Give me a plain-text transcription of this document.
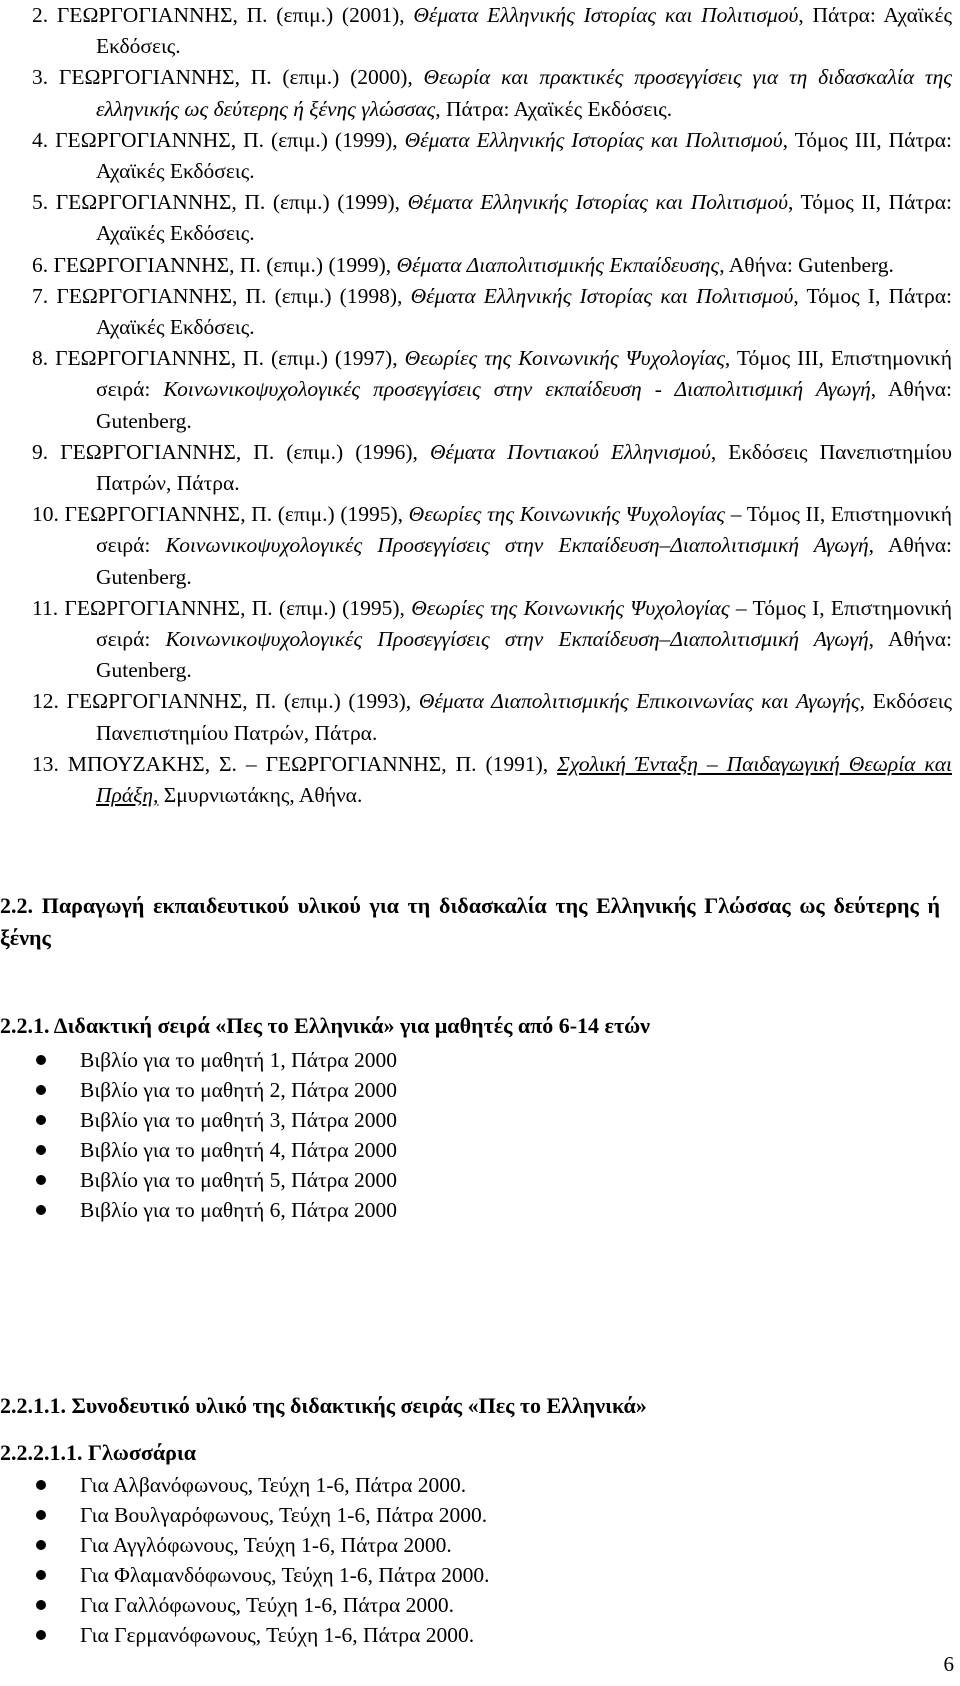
2. ΓΕΩΡΓΟΓΙΑΝΝΗΣ, Π. (επιμ.) (2001), Θέματα Ελληνικής Ιστορίας και Πολιτισμού, Πάτρα: Αχαϊκές Εκδόσεις.
3. ΓΕΩΡΓΟΓΙΑΝΝΗΣ, Π. (επιμ.) (2000), Θεωρία και πρακτικές προσεγγίσεις για τη διδασκαλία της ελληνικής ως δεύτερης ή ξένης γλώσσας, Πάτρα: Αχαϊκές Εκδόσεις.
4. ΓΕΩΡΓΟΓΙΑΝΝΗΣ, Π. (επιμ.) (1999), Θέματα Ελληνικής Ιστορίας και Πολιτισμού, Τόμος ΙΙΙ, Πάτρα: Αχαϊκές Εκδόσεις.
5. ΓΕΩΡΓΟΓΙΑΝΝΗΣ, Π. (επιμ.) (1999), Θέματα Ελληνικής Ιστορίας και Πολιτισμού, Τόμος ΙΙ, Πάτρα: Αχαϊκές Εκδόσεις.
6. ΓΕΩΡΓΟΓΙΑΝΝΗΣ, Π. (επιμ.) (1999), Θέματα Διαπολιτισμικής Εκπαίδευσης, Αθήνα: Gutenberg.
7. ΓΕΩΡΓΟΓΙΑΝΝΗΣ, Π. (επιμ.) (1998), Θέματα Ελληνικής Ιστορίας και Πολιτισμού, Τόμος Ι, Πάτρα: Αχαϊκές Εκδόσεις.
8. ΓΕΩΡΓΟΓΙΑΝΝΗΣ, Π. (επιμ.) (1997), Θεωρίες της Κοινωνικής Ψυχολογίας, Τόμος ΙΙΙ, Επιστημονική σειρά: Κοινωνικοψυχολογικές προσεγγίσεις στην εκπαίδευση - Διαπολιτισμική Αγωγή, Αθήνα: Gutenberg.
9. ΓΕΩΡΓΟΓΙΑΝΝΗΣ, Π. (επιμ.) (1996), Θέματα Ποντιακού Ελληνισμού, Εκδόσεις Πανεπιστημίου Πατρών, Πάτρα.
10. ΓΕΩΡΓΟΓΙΑΝΝΗΣ, Π. (επιμ.) (1995), Θεωρίες της Κοινωνικής Ψυχολογίας – Τόμος ΙΙ, Επιστημονική σειρά: Κοινωνικοψυχολογικές Προσεγγίσεις στην Εκπαίδευση–Διαπολιτισμική Αγωγή, Αθήνα: Gutenberg.
11. ΓΕΩΡΓΟΓΙΑΝΝΗΣ, Π. (επιμ.) (1995), Θεωρίες της Κοινωνικής Ψυχολογίας – Τόμος Ι, Επιστημονική σειρά: Κοινωνικοψυχολογικές Προσεγγίσεις στην Εκπαίδευση–Διαπολιτισμική Αγωγή, Αθήνα: Gutenberg.
12. ΓΕΩΡΓΟΓΙΑΝΝΗΣ, Π. (επιμ.) (1993), Θέματα Διαπολιτισμικής Επικοινωνίας και Αγωγής, Εκδόσεις Πανεπιστημίου Πατρών, Πάτρα.
13. ΜΠΟΥΖΑΚΗΣ, Σ. – ΓΕΩΡΓΟΓΙΑΝΝΗΣ, Π. (1991), Σχολική Ένταξη – Παιδαγωγική Θεωρία και Πράξη, Σμυρνιωτάκης, Αθήνα.
2.2. Παραγωγή εκπαιδευτικού υλικού για τη διδασκαλία της Ελληνικής Γλώσσας ως δεύτερης ή ξένης
2.2.1. Διδακτική σειρά «Πες το Ελληνικά» για μαθητές από 6-14 ετών
Βιβλίο για το μαθητή 1, Πάτρα 2000
Βιβλίο για το μαθητή 2, Πάτρα 2000
Βιβλίο για το μαθητή 3, Πάτρα 2000
Βιβλίο για το μαθητή 4, Πάτρα 2000
Βιβλίο για το μαθητή 5, Πάτρα 2000
Βιβλίο για το μαθητή 6, Πάτρα 2000
2.2.1.1. Συνοδευτικό υλικό της διδακτικής σειράς «Πες το Ελληνικά»
2.2.2.1.1. Γλωσσάρια
Για Αλβανόφωνους, Τεύχη 1-6, Πάτρα 2000.
Για Βουλγαρόφωνους, Τεύχη 1-6, Πάτρα 2000.
Για Αγγλόφωνους, Τεύχη 1-6, Πάτρα 2000.
Για Φλαμανδόφωνους, Τεύχη 1-6, Πάτρα 2000.
Για Γαλλόφωνους, Τεύχη 1-6, Πάτρα 2000.
Για Γερμανόφωνους, Τεύχη 1-6, Πάτρα 2000.
6
